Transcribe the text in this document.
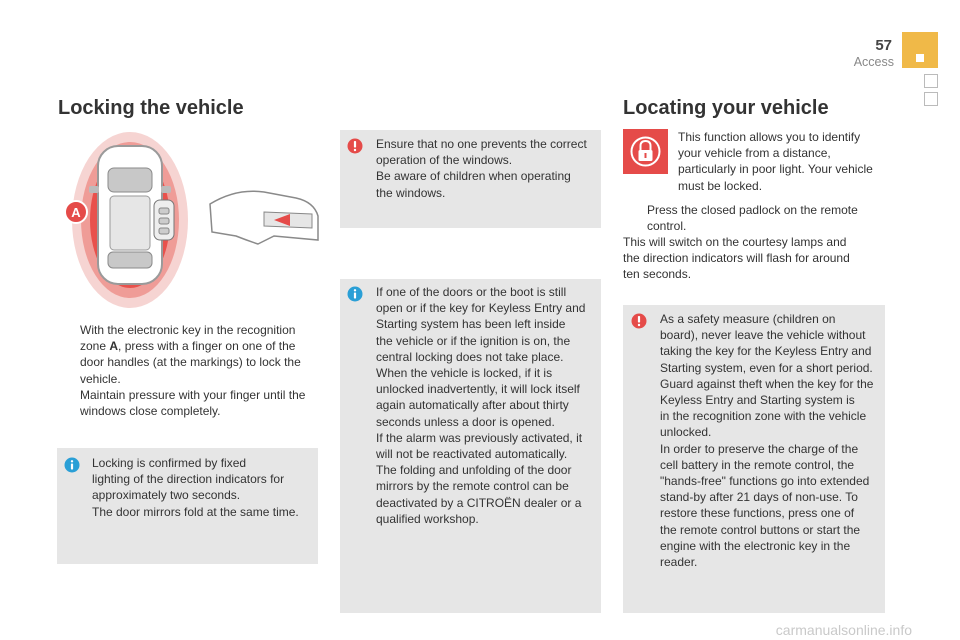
57
Access
Locking the vehicle
A
With the electronic key in the recognition zone A, press with a finger on one of the door handles (at the markings) to lock the vehicle.
Maintain pressure with your finger until the windows close completely.
Locking is confirmed by fixed
lighting of the direction indicators for
approximately two seconds.
The door mirrors fold at the same time.
Ensure that no one prevents the correct
operation of the windows.
Be aware of children when operating
the windows.
If one of the doors or the boot is still
open or if the key for Keyless Entry and
Starting system has been left inside
the vehicle or if the ignition is on, the
central locking does not take place.
When the vehicle is locked, if it is
unlocked inadvertently, it will lock itself
again automatically after about thirty
seconds unless a door is opened.
If the alarm was previously activated, it
will not be reactivated automatically.
The folding and unfolding of the door
mirrors by the remote control can be
deactivated by a CITROËN dealer or a
qualified workshop.
Locating your vehicle
This function allows you to identify
your vehicle from a distance,
particularly in poor light. Your vehicle
must be locked.
Press the closed padlock on the remote
control.
This will switch on the courtesy lamps and
the direction indicators will flash for around
ten seconds.
As a safety measure (children on
board), never leave the vehicle without
taking the key for the Keyless Entry and
Starting system, even for a short period.
Guard against theft when the key for the
Keyless Entry and Starting system is
in the recognition zone with the vehicle
unlocked.
In order to preserve the charge of the
cell battery in the remote control, the
"hands-free" functions go into extended
stand-by after 21 days of non-use. To
restore these functions, press one of
the remote control buttons or start the
engine with the electronic key in the
reader.
carmanualsonline.info
